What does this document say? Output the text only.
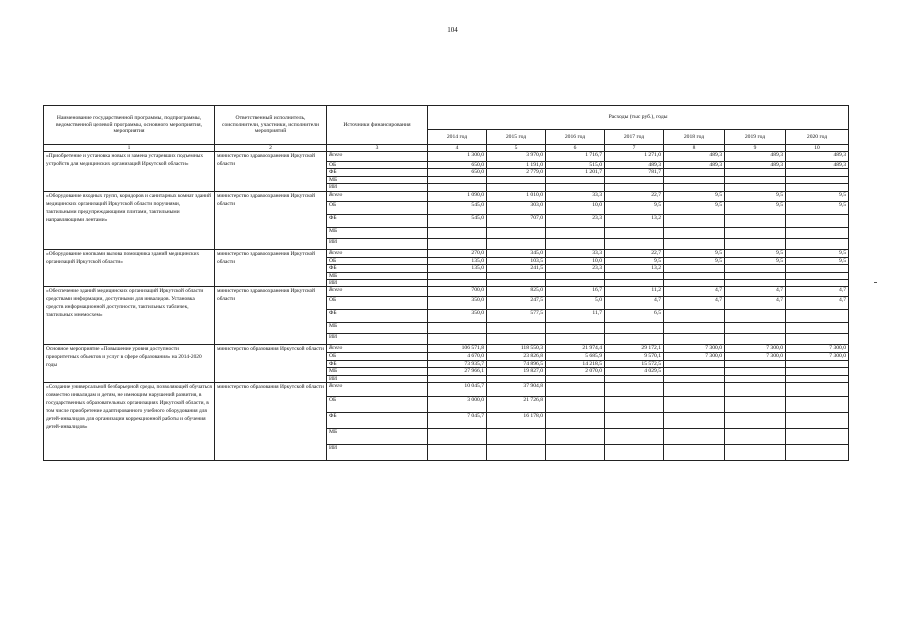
104
Наименование государственной программы, подпрограммы, ведомственной целевой программы, основного мероприятия, мероприятия	Ответственный исполнитель, соисполнители, участники, исполнители мероприятий	Источники финансирования	Расходы (тыс руб.), годы						
			2014 год	2015 год	2016 год	2017 год	2018 год	2019 год	2020 год
1	2	3	4	5	6	7	8	9	10
«Приобретение и установка новых и замена устаревших подъемных устройств для медицинских организаций Иркутской области»	министерство здравоохранения Иркутской области	Всего	1 300,0	3 970,0	1 716,7	1 271,0	489,3	489,3	489,3
		ОБ	650,0	1 191,0	515,0	489,3	489,3	489,3	489,3
		ФБ	650,0	2 779,0	1 201,7	781,7			
		МБ							
		ИИ							
«Оборудование входных групп, коридоров и санитарных комнат зданий медицинских организаций Иркутской области поручнями, тактильными предупреждающими плитами, тактильными направляющими лентами»	министерство здравоохранения Иркутской области	Всего	1 090,0	1 010,0	33,3	22,7	9,5	9,5	9,5
		ОБ	545,0	303,0	10,0	9,5	9,5	9,5	9,5
		ФБ	545,0	707,0	23,3	13,2			
		МБ							
		ИИ							
«Оборудование кнопками вызова помощника зданий медицинских организаций Иркутской области»	министерство здравоохранения Иркутской области	Всего	270,0	345,0	33,3	22,7	9,5	9,5	9,5
		ОБ	135,0	103,5	10,0	9,5	9,5	9,5	9,5
		ФБ	135,0	241,5	23,3	13,2			
		МБ							
		ИИ							
«Обеспечение зданий медицинских организаций Иркутской области средствами информации, доступными для инвалидов. Установка средств информационной доступности, тактильных табличек, тактильных мнемосхем»	министерство здравоохранения Иркутской области	Всего	700,0	825,0	16,7	11,2	4,7	4,7	4,7
		ОБ	350,0	247,5	5,0	4,7	4,7	4,7	4,7
		ФБ	350,0	577,5	11,7	6,5			
		МБ							
		ИИ							
Основное мероприятие «Повышение уровня доступности приоритетных объектов и услуг в сфере образования» на 2014-2020 годы	министерство образования Иркутской области	Всего	106 571,8	118 550,3	21 974,4	29 172,1	7 300,0	7 300,0	7 300,0
		ОБ	4 670,0	23 826,8	5 685,9	9 570,1	7 300,0	7 300,0	7 300,0
		ФБ	73 935,7	74 896,5	14 218,5	15 572,5			
		МБ	27 966,1	19 827,0	2 070,0	4 029,5			
		ИИ							
«Создание универсальной безбарьерной среды, позволяющей обучаться совместно инвалидам и детям, не имеющим нарушений развития, в государственных образовательных организациях Иркутской области, в том числе приобретение адаптированного учебного оборудования для детей-инвалидов для организации коррекционной работы и обучения детей-инвалидов»	министерство образования Иркутской области	Всего	10 045,7	37 904,8					
		ОБ	3 000,0	21 726,8					
		ФБ	7 045,7	16 178,0					
		МБ							
		ИИ							
